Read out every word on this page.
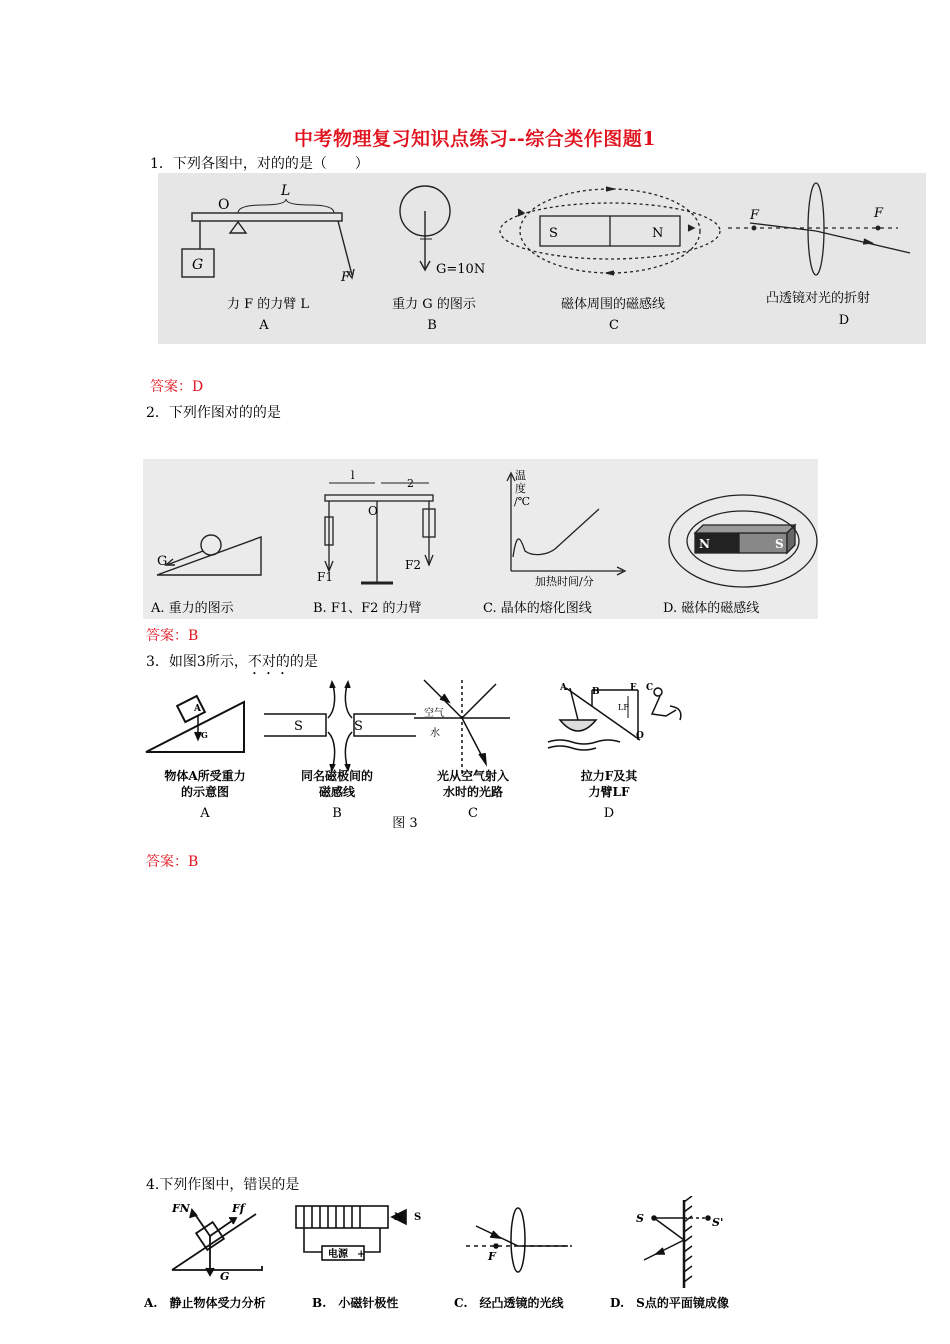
中考物理复习知识点练习--综合类作图题1
1．下列各图中，对的的是（　　）
O
L
G
F
G=10N
S	N
F	F
力 F 的力臂 L	重力 G 的图示	磁体周围的磁感线	凸透镜对光的折射
A	B	C	D
答案：D
2．下列作图对的的是
G
l
2
O
F1
F2
温
度
/℃
加热时间/分
N	S
A. 重力的图示	B. F1、F2 的力臂	C. 晶体的熔化图线	D. 磁体的磁感线
答案：B
3．如图3所示，不对的的是
A
G
S	S
空气
水
A	B	C
F
LF
O
物体A所受重力
的示意图
同名磁极间的
磁感线
光从空气射入
水时的光路
拉力F及其
力臂LF
A	B	C	D
图 3
答案：B
4.下列作图中，错误的是
FN	Ff
G
电源 +
N S
F
S	S'
A.　静止物体受力分析	B.　小磁针极性	C.　经凸透镜的光线	D.　S点的平面镜成像
